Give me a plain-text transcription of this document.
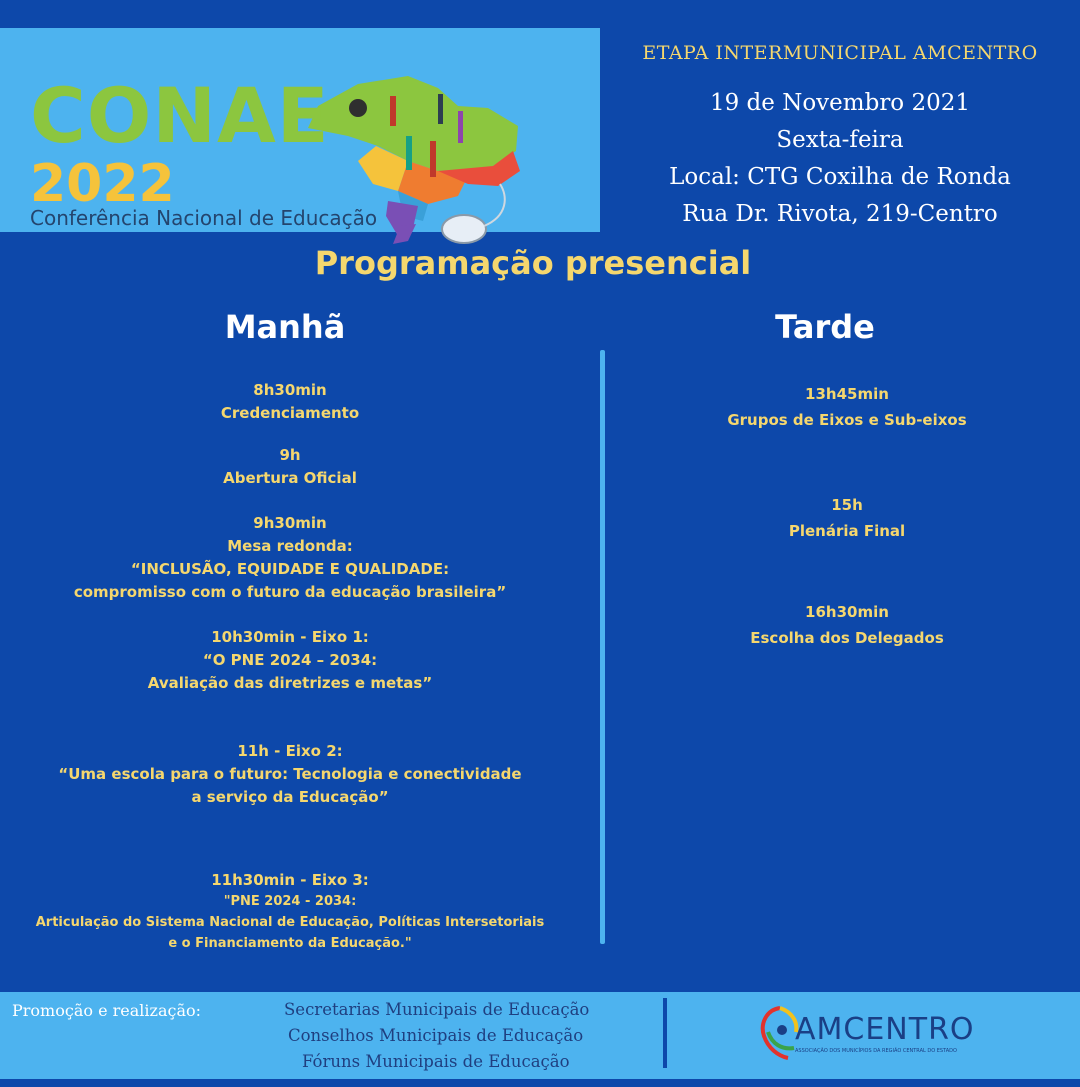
CONAE
2022
Conferência Nacional de Educação
ETAPA INTERMUNICIPAL AMCENTRO
19 de Novembro 2021
Sexta-feira
Local: CTG Coxilha de Ronda
Rua Dr. Rivota, 219-Centro
Programação presencial
Manhã	Tarde
8h30min
Credenciamento
9h
Abertura Oficial
9h30min
Mesa redonda:
“INCLUSÃO, EQUIDADE E QUALIDADE:
compromisso com o futuro da educação brasileira”
10h30min - Eixo 1:
“O PNE 2024 – 2034:
Avaliação das diretrizes e metas”
11h - Eixo 2:
“Uma escola para o futuro: Tecnologia e conectividade
a serviço da Educação”
11h30min - Eixo 3:
"PNE 2024 - 2034:
Articulação do Sistema Nacional de Educação, Políticas Intersetoriais
e o Financiamento da Educação."
13h45min
Grupos de Eixos e Sub-eixos
15h
Plenária Final
16h30min
Escolha dos Delegados
Promoção e realização:	Secretarias Municipais de Educação
Conselhos Municipais de Educação
Fóruns Municipais de Educação
AMCENTRO
ASSOCIAÇÃO DOS MUNICÍPIOS DA REGIÃO CENTRAL DO ESTADO
